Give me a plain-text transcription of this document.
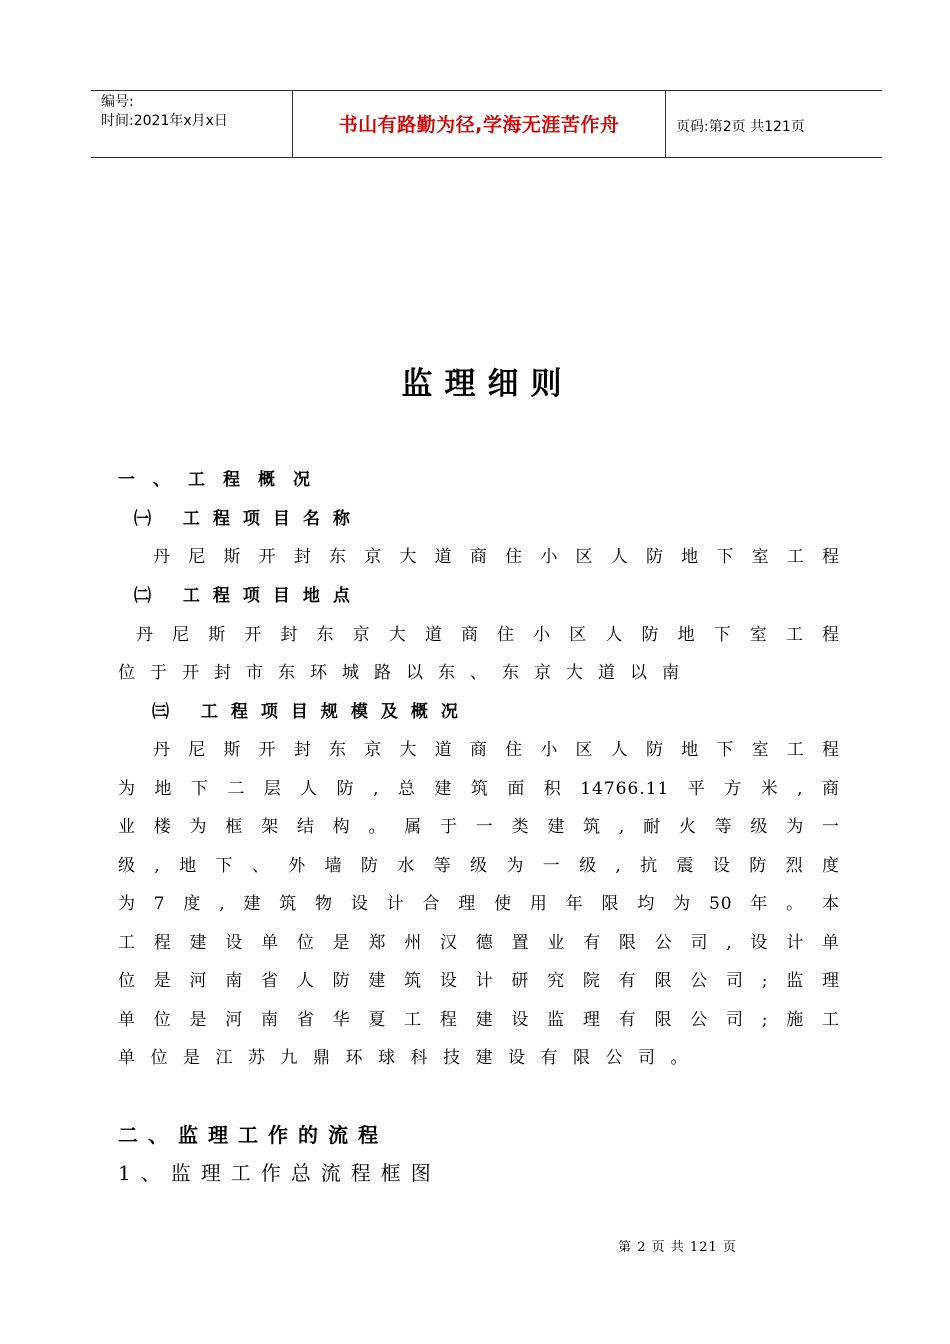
编号:
时间:2021年x月x日	书山有路勤为径,学海无涯苦作舟	页码:第2页 共121页
监理细则
一、工程概况
㈠ 工程项目名称
丹尼斯开封东京大道商住小区人防地下室工程
㈡ 工程项目地点
丹尼斯开封东京大道商住小区人防地下室工程
位于开封市东环城路以东、东京大道以南
㈢ 工程项目规模及概况
丹尼斯开封东京大道商住小区人防地下室工程
为地下二层人防,总建筑面积14766.11平方米,商
业楼为框架结构。属于一类建筑,耐火等级为一
级,地下、外墙防水等级为一级,抗震设防烈度
为7度,建筑物设计合理使用年限均为50年。本
工程建设单位是郑州汉德置业有限公司,设计单
位是河南省人防建筑设计研究院有限公司;监理
单位是河南省华夏工程建设监理有限公司;施工
单位是江苏九鼎环球科技建设有限公司。
二、监理工作的流程
1、监理工作总流程框图
第 2 页 共 121 页
